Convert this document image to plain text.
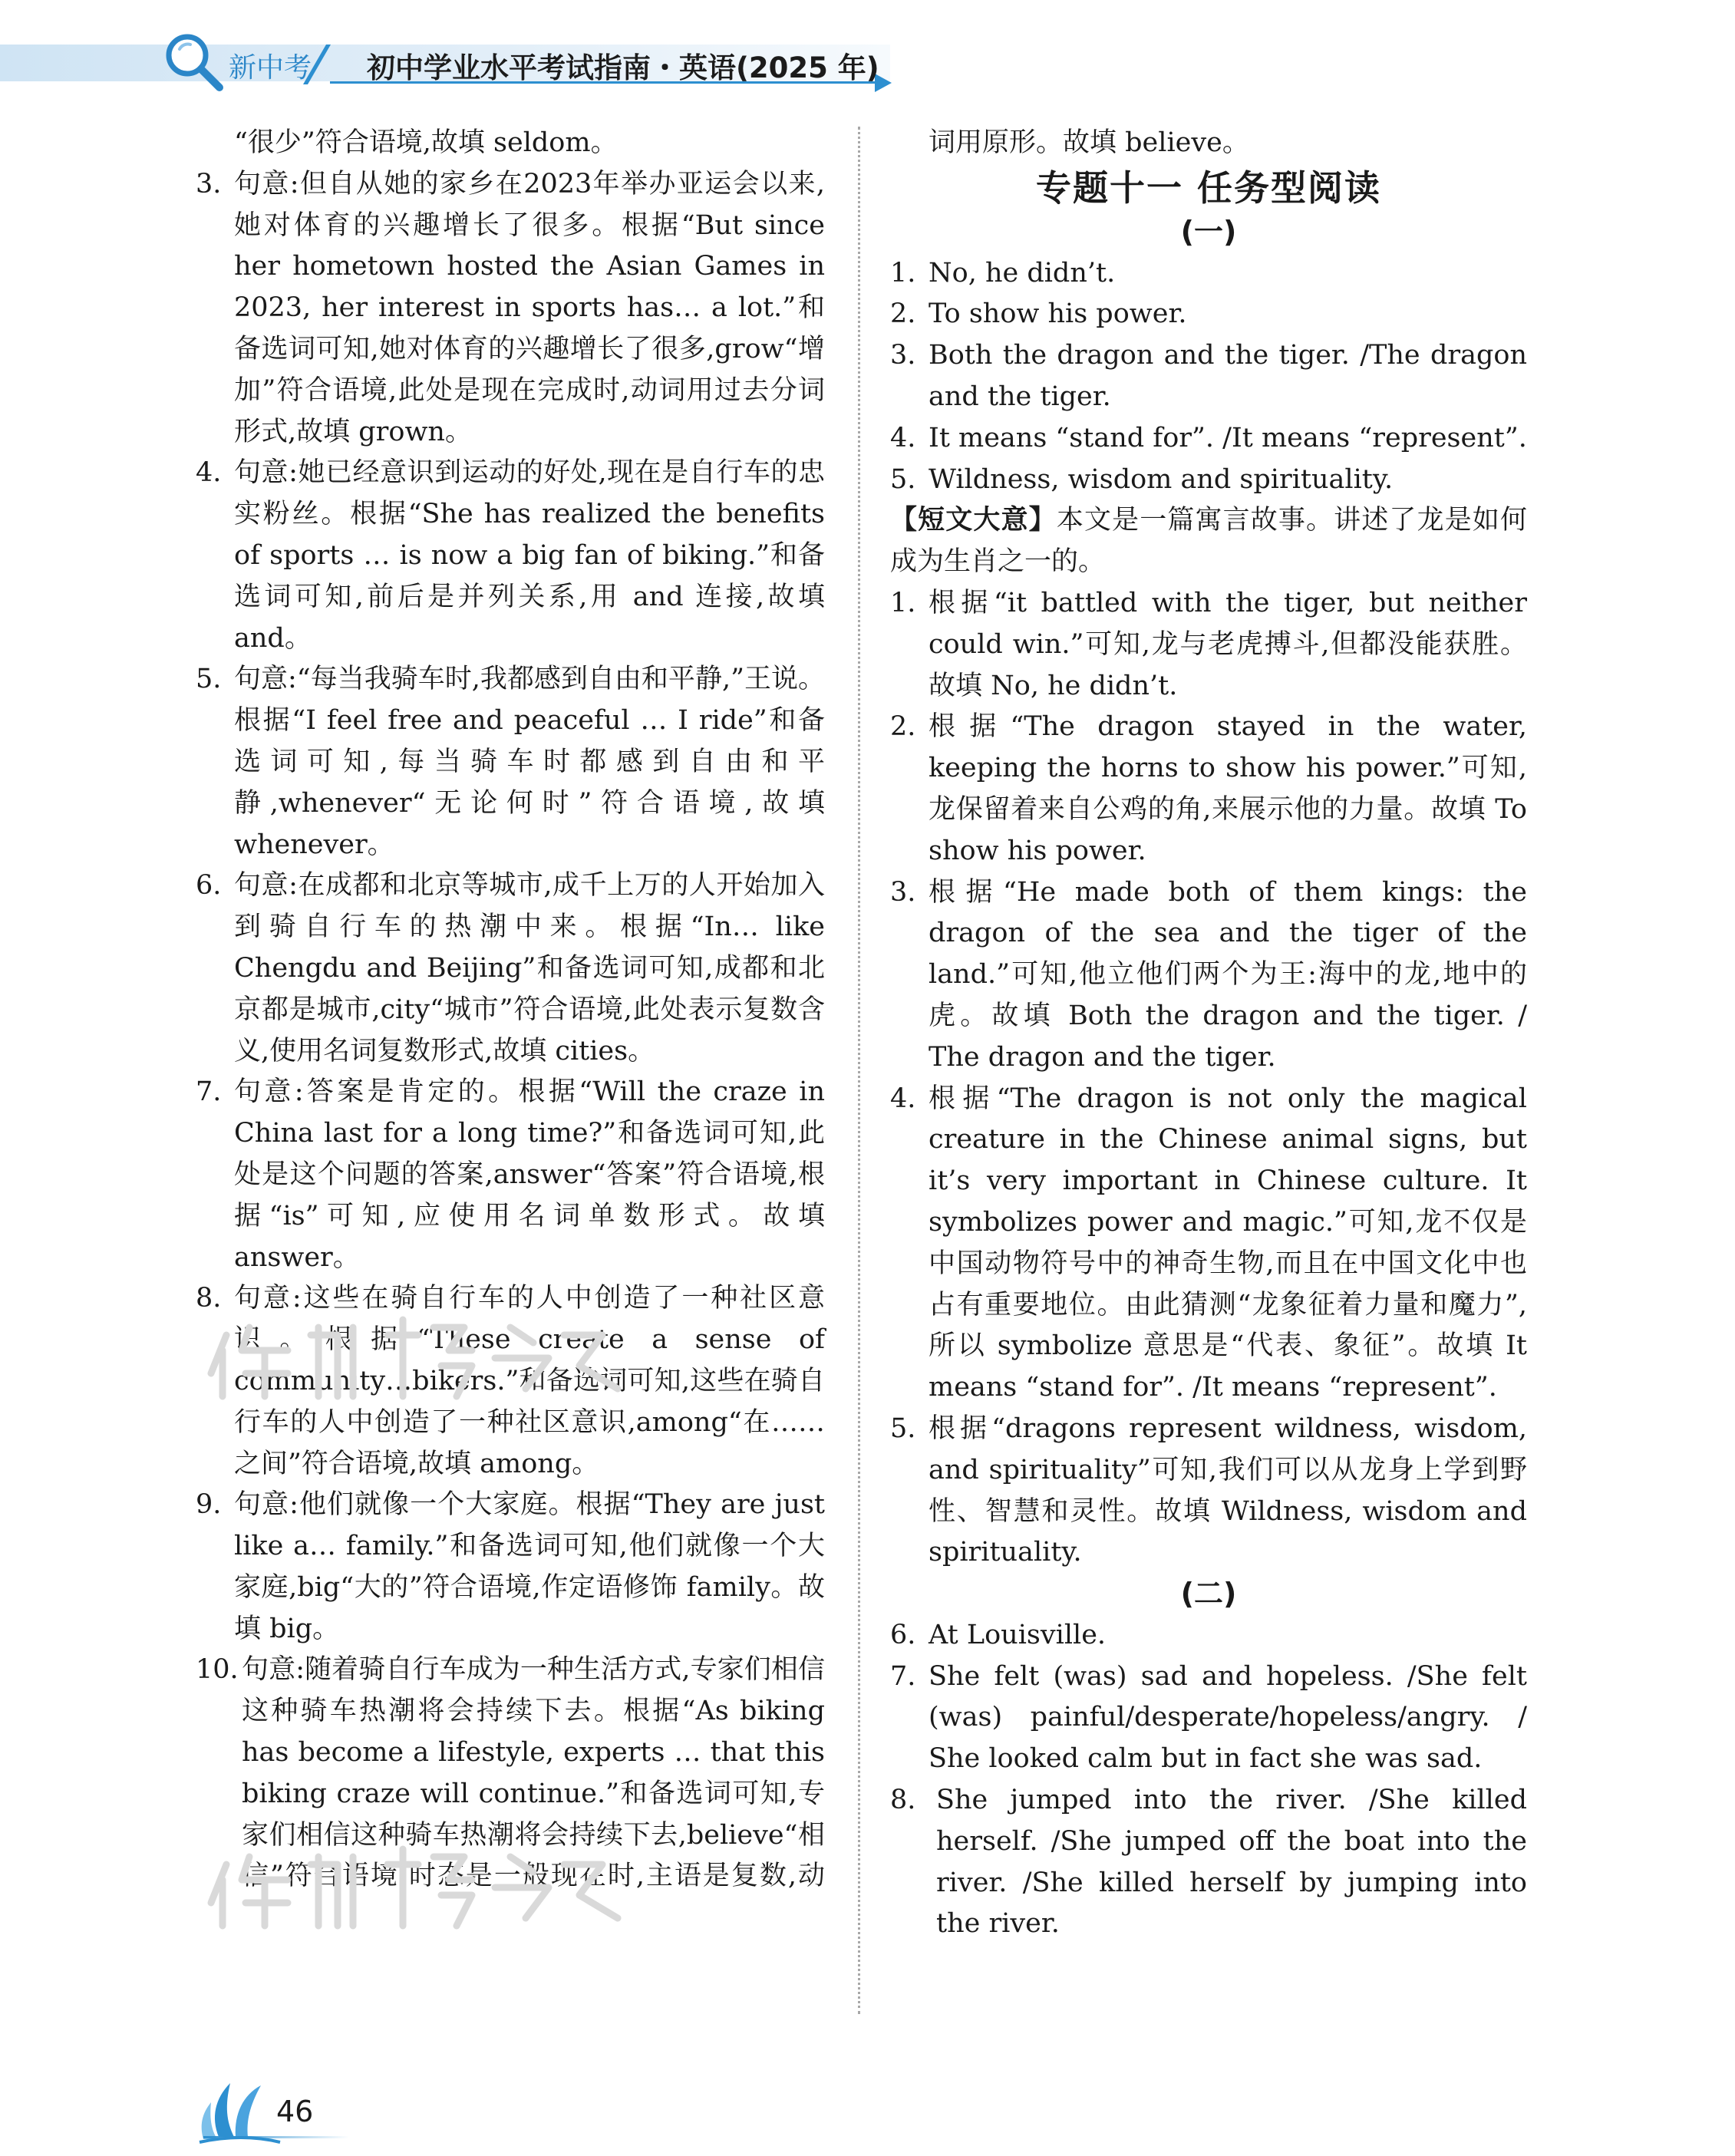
新中考 初中学业水平考试指南・英语(2025 年)
“很少”符合语境,故填 seldom。
3. 句意:但自从她的家乡在2023年举办亚运会以来,她对体育的兴趣增长了很多。根据“But since her hometown hosted the Asian Games in 2023, her interest in sports has… a lot.”和备选词可知,她对体育的兴趣增长了很多,grow“增加”符合语境,此处是现在完成时,动词用过去分词形式,故填 grown。
4. 句意:她已经意识到运动的好处,现在是自行车的忠实粉丝。根据“She has realized the benefits of sports … is now a big fan of biking.”和备选词可知,前后是并列关系,用 and 连接,故填 and。
5. 句意:“每当我骑车时,我都感到自由和平静,”王说。根据“I feel free and peaceful … I ride”和备选词可知,每当骑车时都感到自由和平静,whenever“无论何时”符合语境,故填 whenever。
6. 句意:在成都和北京等城市,成千上万的人开始加入到骑自行车的热潮中来。根据“In… like Chengdu and Beijing”和备选词可知,成都和北京都是城市,city“城市”符合语境,此处表示复数含义,使用名词复数形式,故填 cities。
7. 句意:答案是肯定的。根据“Will the craze in China last for a long time?”和备选词可知,此处是这个问题的答案,answer“答案”符合语境,根据“is”可知,应使用名词单数形式。故填 answer。
8. 句意:这些在骑自行车的人中创造了一种社区意识。根据“These create a sense of community…bikers.”和备选词可知,这些在骑自行车的人中创造了一种社区意识,among“在……之间”符合语境,故填 among。
9. 句意:他们就像一个大家庭。根据“They are just like a… family.”和备选词可知,他们就像一个大家庭,big“大的”符合语境,作定语修饰 family。故填 big。
10. 句意:随着骑自行车成为一种生活方式,专家们相信这种骑车热潮将会持续下去。根据“As biking has become a lifestyle, experts … that this biking craze will continue.”和备选词可知,专家们相信这种骑车热潮将会持续下去,believe“相信”符合语境,时态是一般现在时,主语是复数,动
词用原形。故填 believe。
专题十一 任务型阅读
(一)
1. No, he didn’t.
2. To show his power.
3. Both the dragon and the tiger. /The dragon and the tiger.
4. It means “stand for”. /It means “represent”.
5. Wildness, wisdom and spirituality.
【短文大意】本文是一篇寓言故事。讲述了龙是如何成为生肖之一的。
1. 根据“it battled with the tiger, but neither could win.”可知,龙与老虎搏斗,但都没能获胜。故填 No, he didn’t.
2. 根据“The dragon stayed in the water, keeping the horns to show his power.”可知,龙保留着来自公鸡的角,来展示他的力量。故填 To show his power.
3. 根据“He made both of them kings: the dragon of the sea and the tiger of the land.”可知,他立他们两个为王:海中的龙,地中的虎。故填 Both the dragon and the tiger. / The dragon and the tiger.
4. 根据“The dragon is not only the magical creature in the Chinese animal signs, but it’s very important in Chinese culture. It symbolizes power and magic.”可知,龙不仅是中国动物符号中的神奇生物,而且在中国文化中也占有重要地位。由此猜测“龙象征着力量和魔力”,所以 symbolize 意思是“代表、象征”。故填 It means “stand for”. /It means “represent”.
5. 根据“dragons represent wildness, wisdom, and spirituality”可知,我们可以从龙身上学到野性、智慧和灵性。故填 Wildness, wisdom and spirituality.
(二)
6. At Louisville.
7. She felt (was) sad and hopeless. /She felt (was) painful/desperate/hopeless/angry. / She looked calm but in fact she was sad.
8. She jumped into the river. /She killed herself. /She jumped off the boat into the river. /She killed herself by jumping into the river.
46
